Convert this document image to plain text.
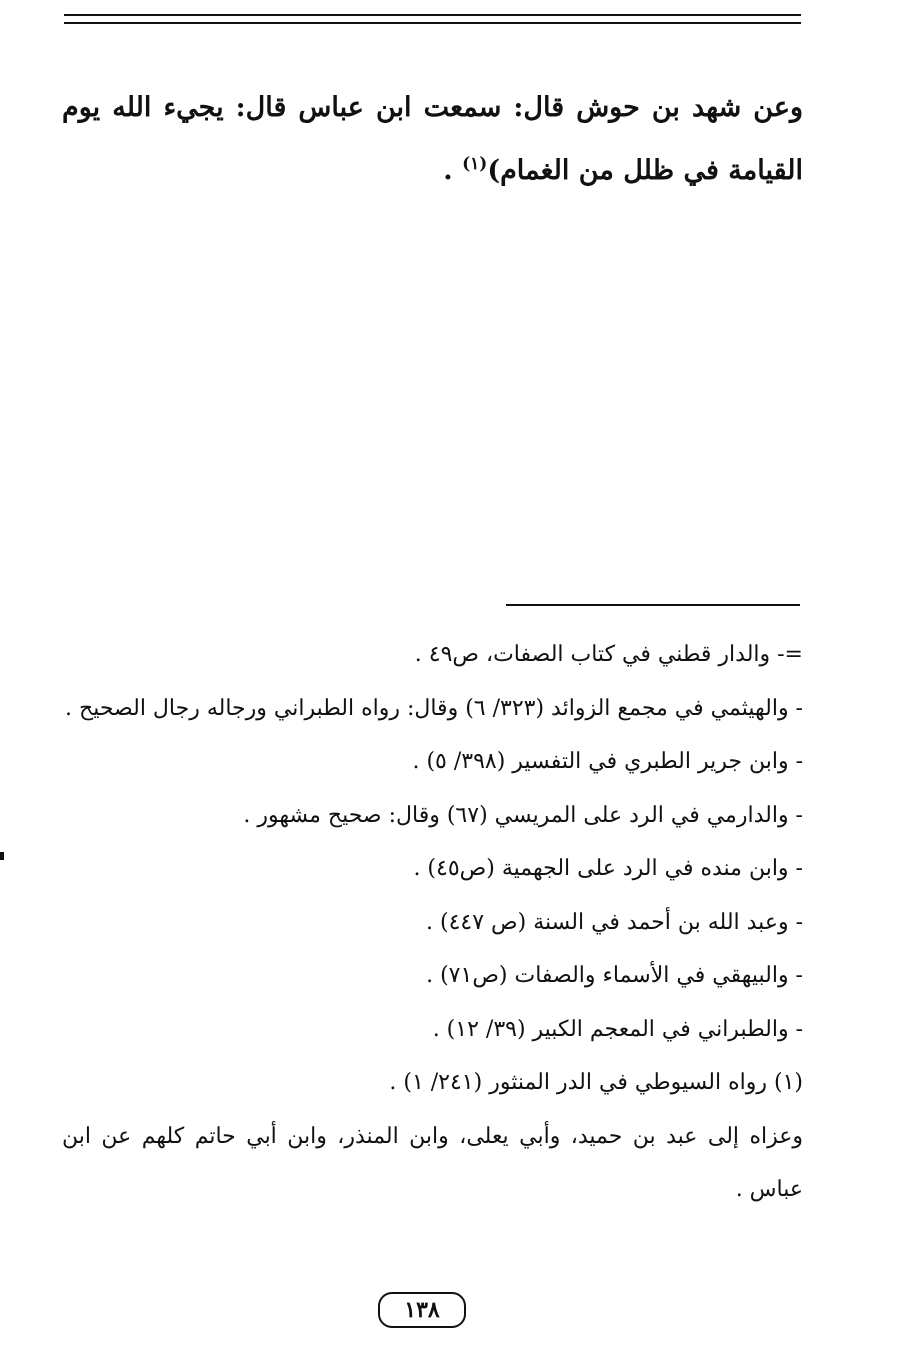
وعن شهد بن حوش قال: سمعت ابن عباس قال: يجيء الله يوم القيامة في ظلل من الغمام)$^{(١)}$ .

=- والدار قطني في كتاب الصفات، ص٤٩ .

- والهيثمي في مجمع الزوائد (٣٢٣/ ٦) وقال: رواه الطبراني ورجاله رجال الصحيح .

- وابن جرير الطبري في التفسير (٣٩٨/ ٥) .

- والدارمي في الرد على المريسي (٦٧) وقال: صحيح مشهور .

- وابن منده في الرد على الجهمية (ص٤٥) .

- وعبد الله بن أحمد في السنة (ص ٤٤٧) .

- والبيهقي في الأسماء والصفات (ص٧١) .

- والطبراني في المعجم الكبير (٣٩/ ١٢) .

(١) رواه السيوطي في الدر المنثور (٢٤١/ ١) .

وعزاه إلى عبد بن حميد، وأبي يعلى، وابن المنذر، وابن أبي حاتم كلهم عن ابن عباس .

١٣٨
